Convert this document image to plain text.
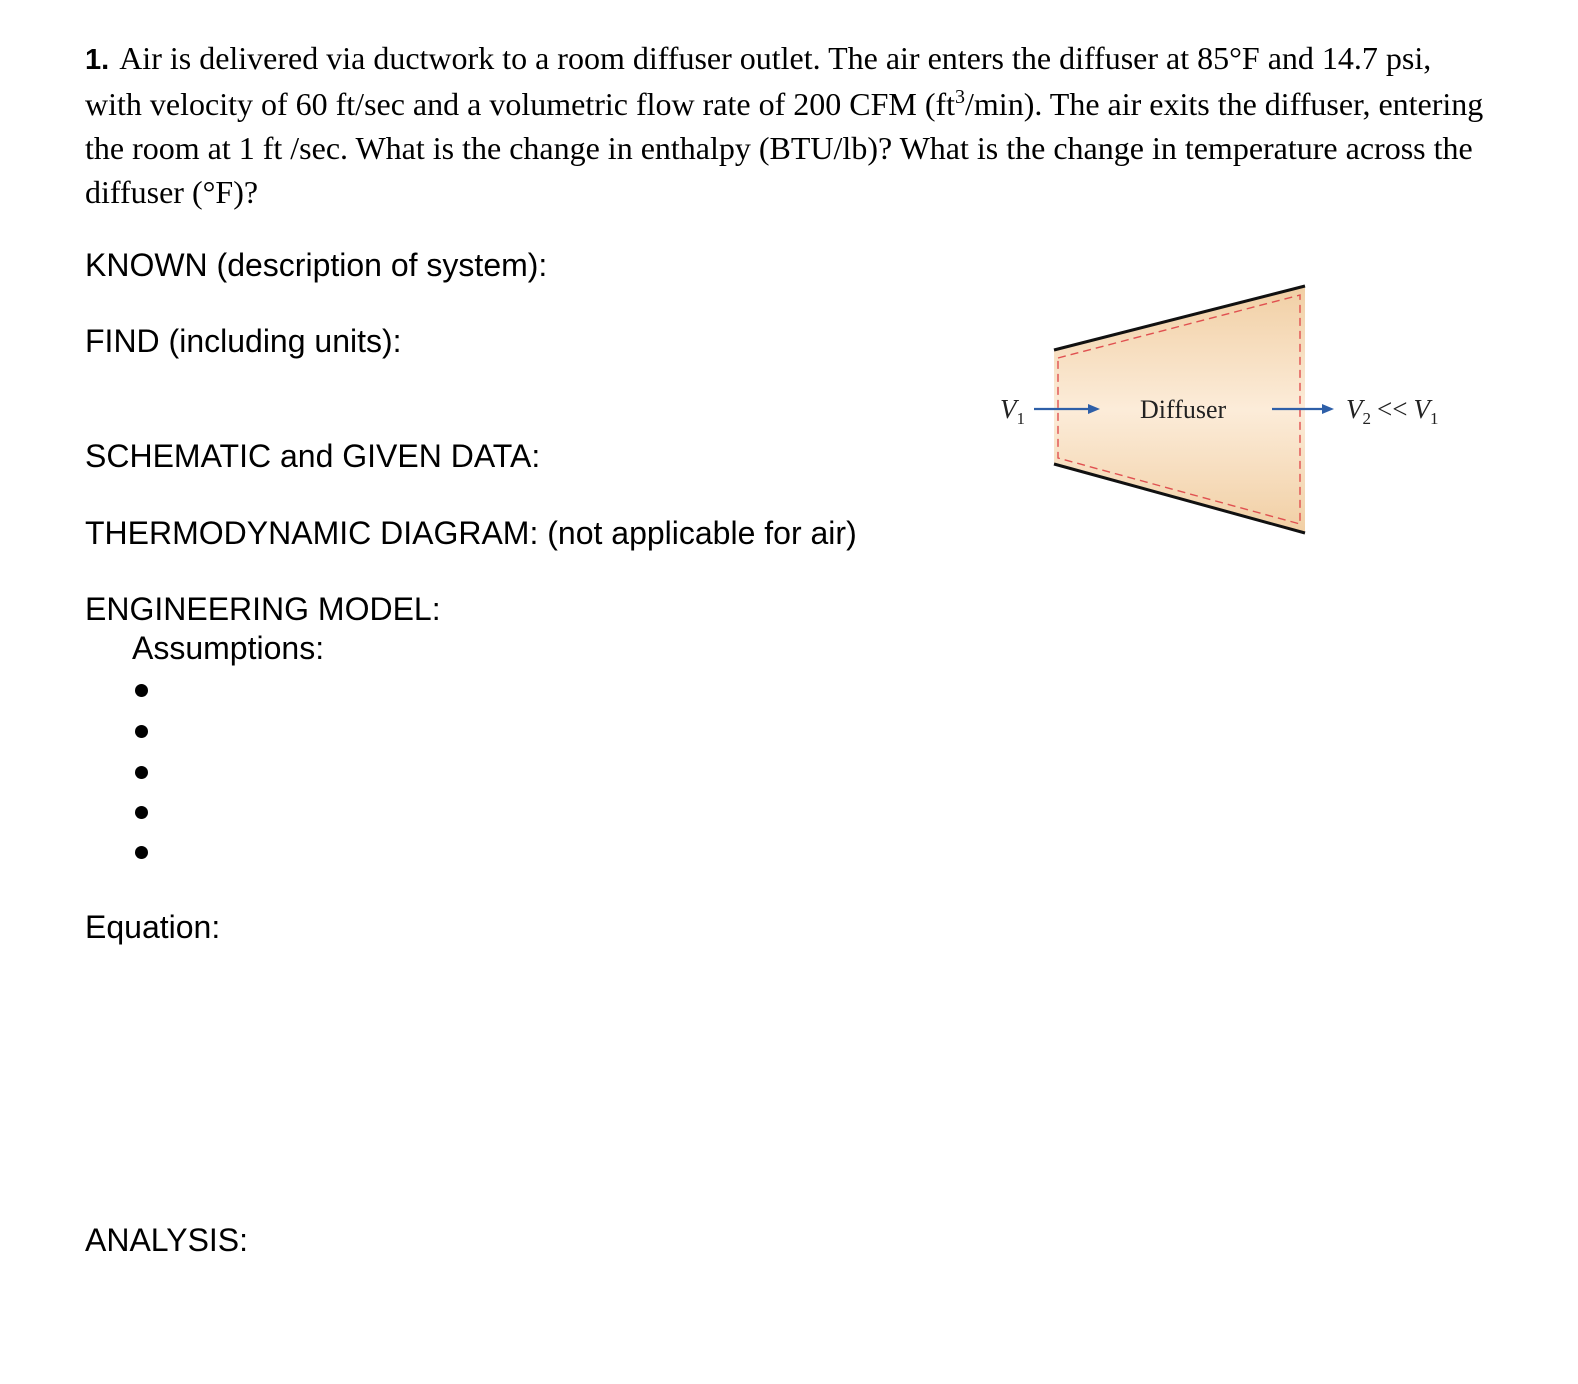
1. Air is delivered via ductwork to a room diffuser outlet. The air enters the diffuser at 85°F and 14.7 psi, with velocity of 60 ft/sec and a volumetric flow rate of 200 CFM $(ft^3/\min)$. The air exits the diffuser, entering the room at 1 ft /sec. What is the change in enthalpy (BTU/lb)? What is the change in temperature across the diffuser (°F)?
KNOWN (description of system):
FIND (including units):
SCHEMATIC and GIVEN DATA:
THERMODYNAMIC DIAGRAM: (not applicable for air)
ENGINEERING MODEL:
Assumptions:
Equation:
ANALYSIS:
$V_1$	Diffuser	$V_2 << V_1$
